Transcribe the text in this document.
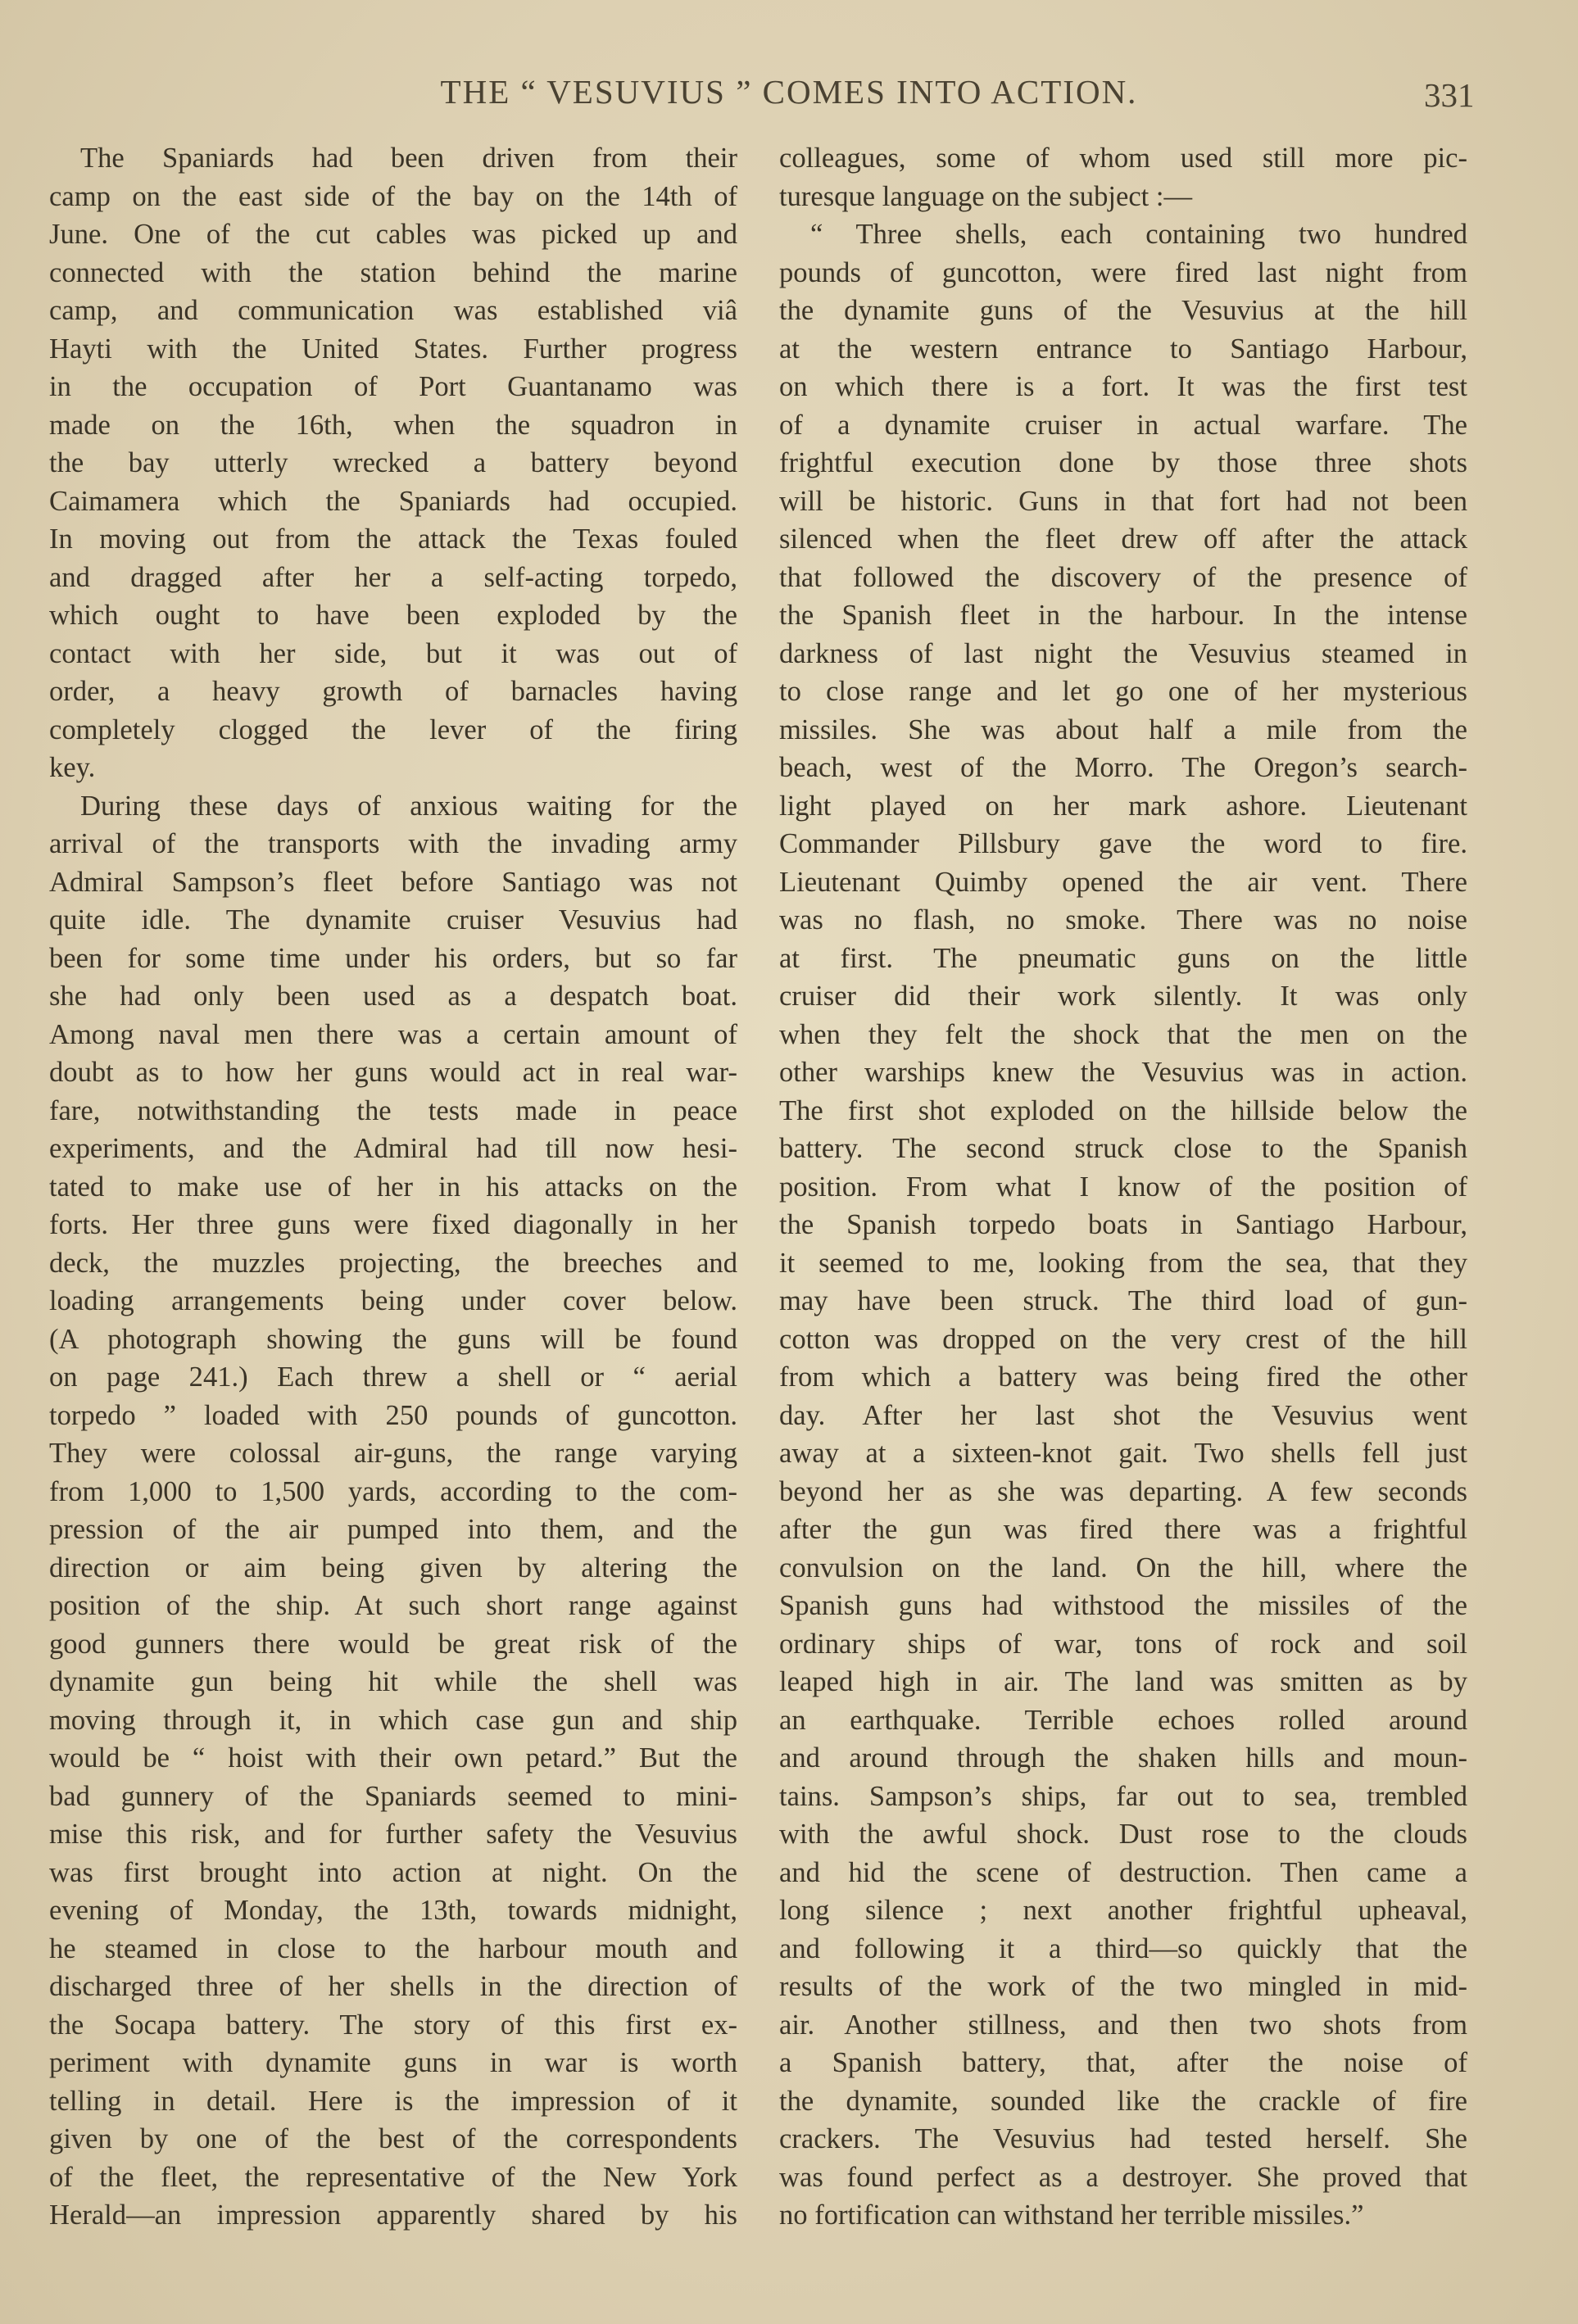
THE “ VESUVIUS ” COMES INTO ACTION.	331

The Spaniards had been driven from their

camp on the east side of the bay on the 14th of

June. One of the cut cables was picked up and

connected with the station behind the marine

camp, and communication was established viâ

Hayti with the United States. Further progress

in the occupation of Port Guantanamo was

made on the 16th, when the squadron in

the bay utterly wrecked a battery beyond

Caimamera which the Spaniards had occupied.

In moving out from the attack the Texas fouled

and dragged after her a self-acting torpedo,

which ought to have been exploded by the

contact with her side, but it was out of

order, a heavy growth of barnacles having

completely clogged the lever of the firing

key.

During these days of anxious waiting for the

arrival of the transports with the invading army

Admiral Sampson’s fleet before Santiago was not

quite idle. The dynamite cruiser Vesuvius had

been for some time under his orders, but so far

she had only been used as a despatch boat.

Among naval men there was a certain amount of

doubt as to how her guns would act in real war-

fare, notwithstanding the tests made in peace

experiments, and the Admiral had till now hesi-

tated to make use of her in his attacks on the

forts. Her three guns were fixed diagonally in her

deck, the muzzles projecting, the breeches and

loading arrangements being under cover below.

(A photograph showing the guns will be found

on page 241.) Each threw a shell or “ aerial

torpedo ” loaded with 250 pounds of guncotton.

They were colossal air-guns, the range varying

from 1,000 to 1,500 yards, according to the com-

pression of the air pumped into them, and the

direction or aim being given by altering the

position of the ship. At such short range against

good gunners there would be great risk of the

dynamite gun being hit while the shell was

moving through it, in which case gun and ship

would be “ hoist with their own petard.” But the

bad gunnery of the Spaniards seemed to mini-

mise this risk, and for further safety the Vesuvius

was first brought into action at night. On the

evening of Monday, the 13th, towards midnight,

he steamed in close to the harbour mouth and

discharged three of her shells in the direction of

the Socapa battery. The story of this first ex-

periment with dynamite guns in war is worth

telling in detail. Here is the impression of it

given by one of the best of the correspondents

of the fleet, the representative of the New York

Herald—an impression apparently shared by his

colleagues, some of whom used still more pic-

turesque language on the subject :—

“ Three shells, each containing two hundred

pounds of guncotton, were fired last night from

the dynamite guns of the Vesuvius at the hill

at the western entrance to Santiago Harbour,

on which there is a fort. It was the first test

of a dynamite cruiser in actual warfare. The

frightful execution done by those three shots

will be historic. Guns in that fort had not been

silenced when the fleet drew off after the attack

that followed the discovery of the presence of

the Spanish fleet in the harbour. In the intense

darkness of last night the Vesuvius steamed in

to close range and let go one of her mysterious

missiles. She was about half a mile from the

beach, west of the Morro. The Oregon’s search-

light played on her mark ashore. Lieutenant

Commander Pillsbury gave the word to fire.

Lieutenant Quimby opened the air vent. There

was no flash, no smoke. There was no noise

at first. The pneumatic guns on the little

cruiser did their work silently. It was only

when they felt the shock that the men on the

other warships knew the Vesuvius was in action.

The first shot exploded on the hillside below the

battery. The second struck close to the Spanish

position. From what I know of the position of

the Spanish torpedo boats in Santiago Harbour,

it seemed to me, looking from the sea, that they

may have been struck. The third load of gun-

cotton was dropped on the very crest of the hill

from which a battery was being fired the other

day. After her last shot the Vesuvius went

away at a sixteen-knot gait. Two shells fell just

beyond her as she was departing. A few seconds

after the gun was fired there was a frightful

convulsion on the land. On the hill, where the

Spanish guns had withstood the missiles of the

ordinary ships of war, tons of rock and soil

leaped high in air. The land was smitten as by

an earthquake. Terrible echoes rolled around

and around through the shaken hills and moun-

tains. Sampson’s ships, far out to sea, trembled

with the awful shock. Dust rose to the clouds

and hid the scene of destruction. Then came a

long silence ; next another frightful upheaval,

and following it a third—so quickly that the

results of the work of the two mingled in mid-

air. Another stillness, and then two shots from

a Spanish battery, that, after the noise of

the dynamite, sounded like the crackle of fire

crackers. The Vesuvius had tested herself. She

was found perfect as a destroyer. She proved that

no fortification can withstand her terrible missiles.”
